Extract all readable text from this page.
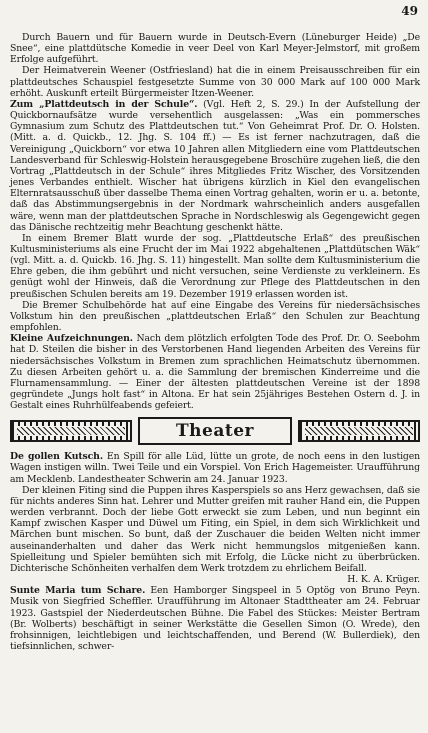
49

Durch Bauern und für Bauern wurde in Deutsch-Evern (Lüneburger Heide) „De Snee“, eine plattdütsche Komedie in veer Deel von Karl Meyer-Jelmstorf, mit großem Erfolge aufgeführt.

Der Heimatverein Weener (Ostfriesland) hat die in einem Preisausschreiben für ein plattdeutsches Schauspiel festgesetzte Summe von 30 000 Mark auf 100 000 Mark erhöht. Auskunft erteilt Bürgermeister Itzen-Weener.

Zum „Plattdeutsch in der Schule“. (Vgl. Heft 2, S. 29.) In der Aufstellung der Quickbornaufsätze wurde versehentlich ausgelassen: „Was ein pommersches Gymnasium zum Schutz des Plattdeutschen tut.“ Von Geheimrat Prof. Dr. O. Holsten. (Mitt. a. d. Quickb., 12. Jhg. S. 104 ff.) — Es ist ferner nachzutragen, daß die Vereinigung „Quickborn“ vor etwa 10 Jahren allen Mitgliedern eine vom Plattdeutschen Landesverband für Schleswig-Holstein herausgegebene Broschüre zugehen ließ, die den Vortrag „Plattdeutsch in der Schule“ ihres Mitgliedes Fritz Wischer, des Vorsitzenden jenes Verbandes enthielt. Wischer hat übrigens kürzlich in Kiel den evangelischen Elternratsausschuß über dasselbe Thema einen Vortrag gehalten, worin er u. a. betonte, daß das Abstimmungsergebnis in der Nordmark wahrscheinlich anders ausgefallen wäre, wenn man der plattdeutschen Sprache in Nordschleswig als Gegengewicht gegen das Dänische rechtzeitig mehr Beachtung geschenkt hätte.

In einem Bremer Blatt wurde der sog. „Plattdeutsche Erlaß“ des preußischen Kultusministeriums als eine Frucht der im Mai 1922 abgehaltenen „Plattdütschen Wäk“ (vgl. Mitt. a. d. Quickb. 16. Jhg. S. 11) hingestellt. Man sollte dem Kultusministerium die Ehre geben, die ihm gebührt und nicht versuchen, seine Verdienste zu verkleinern. Es genügt wohl der Hinweis, daß die Verordnung zur Pflege des Plattdeutschen in den preußischen Schulen bereits am 19. Dezember 1919 erlassen worden ist.

Die Bremer Schulbehörde hat auf eine Eingabe des Vereins für niedersächsisches Volkstum hin den preußischen „plattdeutschen Erlaß“ den Schulen zur Beachtung empfohlen.

Kleine Aufzeichnungen. Nach dem plötzlich erfolgten Tode des Prof. Dr. O. Seebohm hat D. Steilen die bisher in des Verstorbenen Hand liegenden Arbeiten des Vereins für niedersächsisches Volkstum in Bremen zum sprachlichen Heimatschutz übernommen. Zu diesen Arbeiten gehört u. a. die Sammlung der bremischen Kinderreime und die Flurnamensammlung. — Einer der ältesten plattdeutschen Vereine ist der 1898 gegründete „Jungs holt fast“ in Altona. Er hat sein 25jähriges Bestehen Ostern d. J. in Gestalt eines Ruhrhülfeabends gefeiert.

Theater

De gollen Kutsch. En Spill för alle Lüd, lütte un grote, de noch eens in den lustigen Wagen instigen willn. Twei Teile und ein Vorspiel. Von Erich Hagemeister. Uraufführung am Mecklenb. Landestheater Schwerin am 24. Januar 1923.

Der kleinen Fiting sind die Puppen ihres Kasperspiels so ans Herz gewachsen, daß sie für nichts anderes Sinn hat. Lehrer und Mutter greifen mit rauher Hand ein, die Puppen werden verbrannt. Doch der liebe Gott erweckt sie zum Leben, und nun beginnt ein Kampf zwischen Kasper und Düwel um Fiting, ein Spiel, in dem sich Wirklichkeit und Märchen bunt mischen. So bunt, daß der Zuschauer die beiden Welten nicht immer auseinanderhalten und daher das Werk nicht hemmungslos mitgenießen kann. Spielleitung und Spieler bemühten sich mit Erfolg, die Lücke nicht zu überbrücken. Dichterische Schönheiten verhalfen dem Werk trotzdem zu ehrlichem Beifall.

H. K. A. Krüger.

Sunte Maria tum Schare. Een Hamborger Singspeel in 5 Optög von Bruno Peyn. Musik von Siegfried Scheffler. Uraufführung im Altonaer Stadttheater am 24. Februar 1923. Gastspiel der Niederdeutschen Bühne. Die Fabel des Stückes: Meister Bertram (Br. Wolberts) beschäftigt in seiner Werkstätte die Gesellen Simon (O. Wrede), den frohsinnigen, leichtlebigen und leichtschaffenden, und Berend (W. Bullerdiek), den tiefsinnlichen, schwer-
